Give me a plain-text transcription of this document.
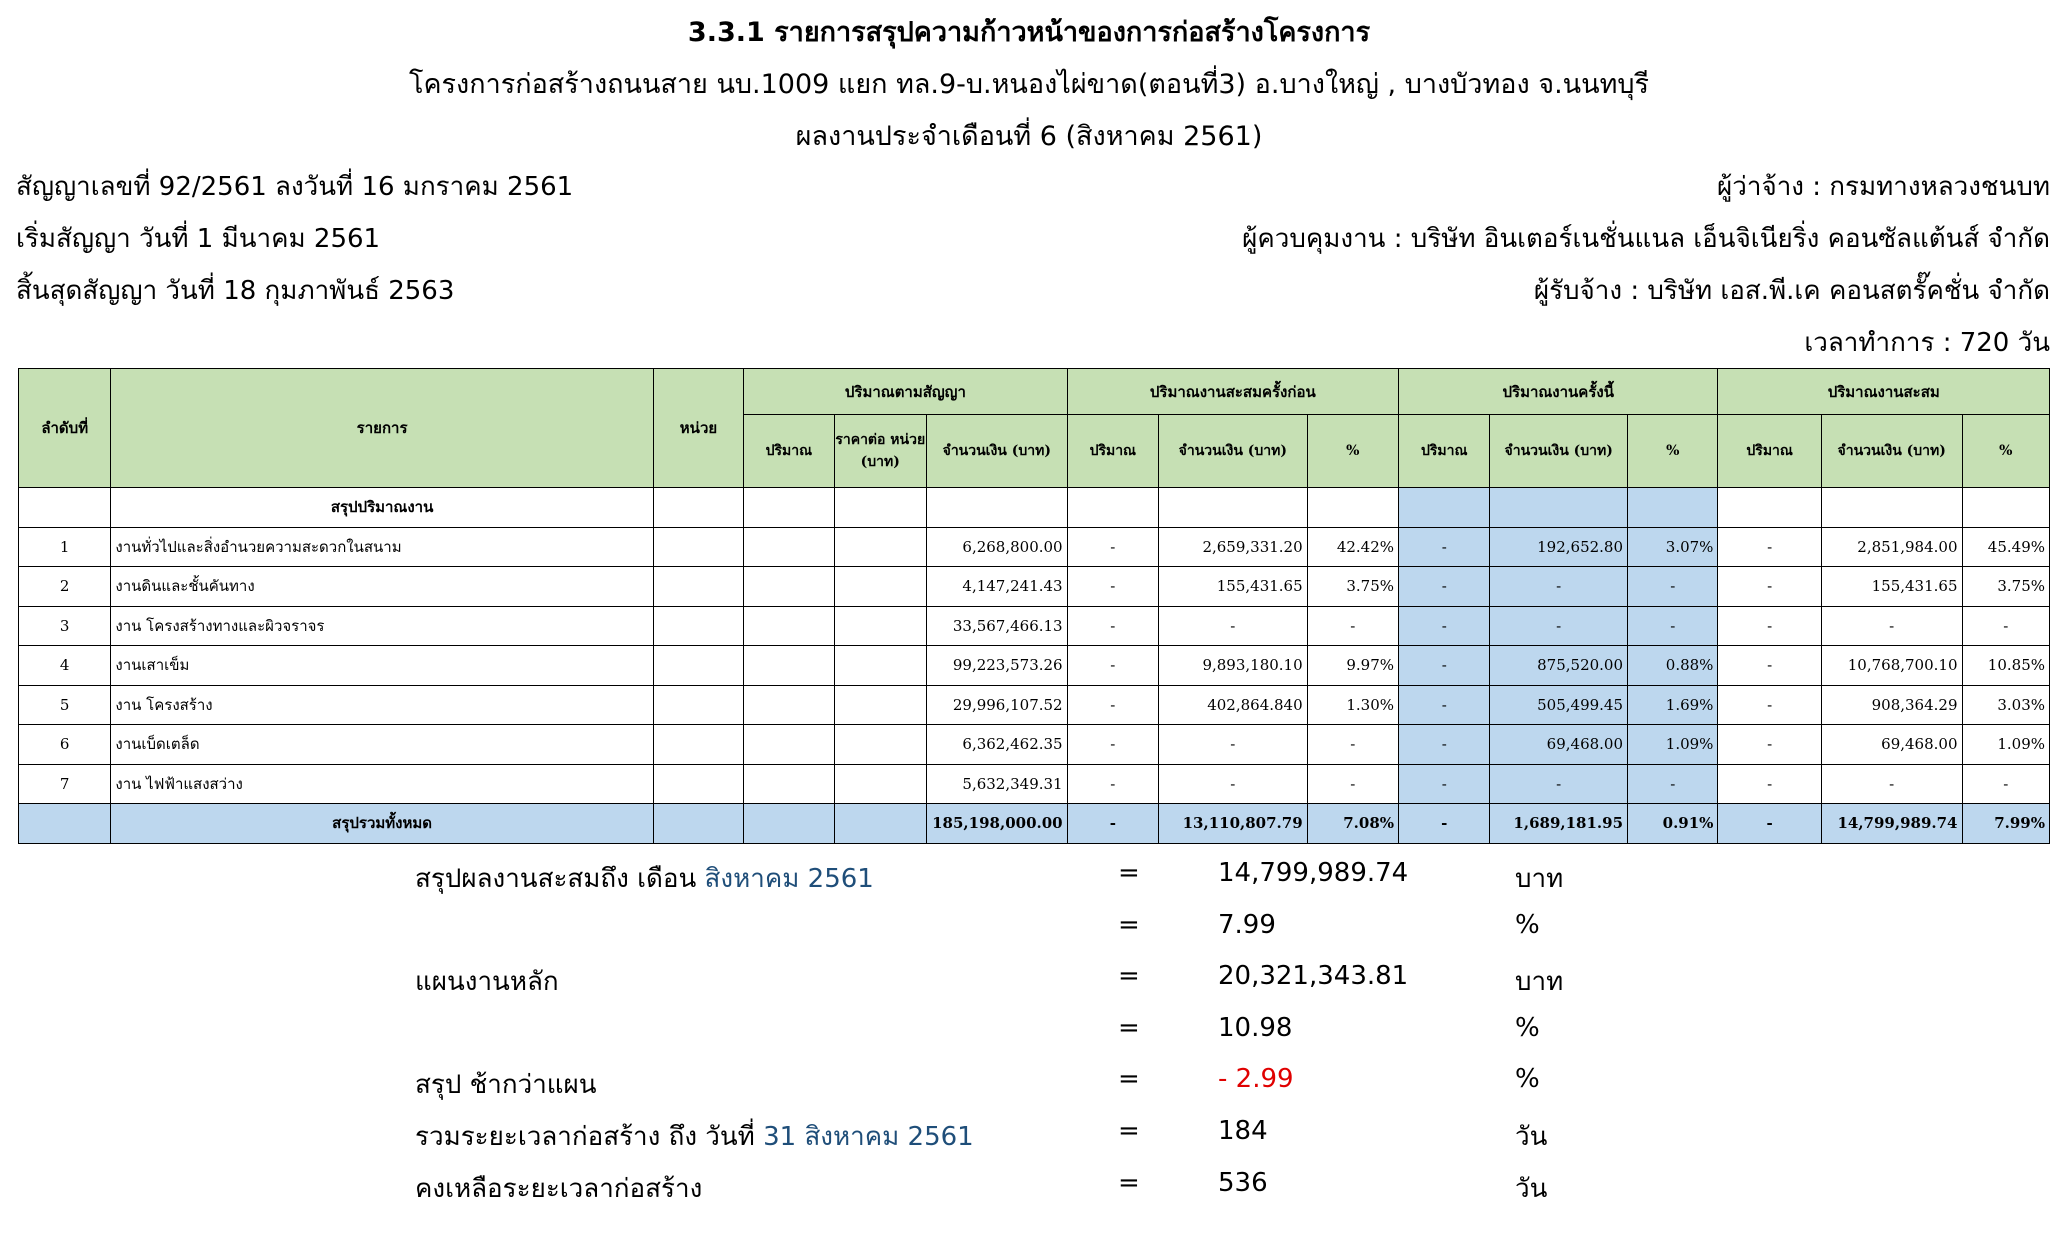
3.3.1 รายการสรุปความก้าวหน้าของการก่อสร้างโครงการ
โครงการก่อสร้างถนนสาย นบ.1009 แยก ทล.9-บ.หนองไผ่ขาด(ตอนที่3) อ.บางใหญ่ , บางบัวทอง จ.นนทบุรี
ผลงานประจำเดือนที่ 6 (สิงหาคม 2561)
สัญญาเลขที่ 92/2561 ลงวันที่ 16 มกราคม 2561
เริ่มสัญญา วันที่ 1 มีนาคม 2561
สิ้นสุดสัญญา วันที่ 18 กุมภาพันธ์ 2563
ผู้ว่าจ้าง : กรมทางหลวงชนบท
ผู้ควบคุมงาน : บริษัท อินเตอร์เนชั่นแนล เอ็นจิเนียริ่ง คอนซัลแต้นส์ จำกัด
ผู้รับจ้าง : บริษัท เอส.พี.เค คอนสตรั๊คชั่น จำกัด
เวลาทำการ : 720 วัน
ลำดับที่	รายการ	หน่วย	ปริมาณตามสัญญา			ปริมาณงานสะสมครั้งก่อน			ปริมาณงานครั้งนี้			ปริมาณงานสะสม		
			ปริมาณ	ราคาต่อ หน่วย (บาท)	จำนวนเงิน (บาท)	ปริมาณ	จำนวนเงิน (บาท)	%	ปริมาณ	จำนวนเงิน (บาท)	%	ปริมาณ	จำนวนเงิน (บาท)	%
	สรุปปริมาณงาน													
1	งานทั่วไปและสิ่งอำนวยความสะดวกในสนาม				6,268,800.00	-	2,659,331.20	42.42%	-	192,652.80	3.07%	-	2,851,984.00	45.49%
2	งานดินและชั้นคันทาง				4,147,241.43	-	155,431.65	3.75%	-	-	-	-	155,431.65	3.75%
3	งาน โครงสร้างทางและผิวจราจร				33,567,466.13	-	-	-	-	-	-	-	-	-
4	งานเสาเข็ม				99,223,573.26	-	9,893,180.10	9.97%	-	875,520.00	0.88%	-	10,768,700.10	10.85%
5	งาน โครงสร้าง				29,996,107.52	-	402,864.840	1.30%	-	505,499.45	1.69%	-	908,364.29	3.03%
6	งานเบ็ดเตล็ด				6,362,462.35	-	-	-	-	69,468.00	1.09%	-	69,468.00	1.09%
7	งาน ไฟฟ้าแสงสว่าง				5,632,349.31	-	-	-	-	-	-	-	-	-
	สรุปรวมทั้งหมด				185,198,000.00	-	13,110,807.79	7.08%	-	1,689,181.95	0.91%	-	14,799,989.74	7.99%
สรุปผลงานสะสมถึง เดือน สิงหาคม 2561	=	14,799,989.74	บาท
=	7.99	%
แผนงานหลัก	=	20,321,343.81	บาท
=	10.98	%
สรุป ช้ากว่าแผน	=	- 2.99	%
รวมระยะเวลาก่อสร้าง ถึง วันที่ 31 สิงหาคม 2561	=	184	วัน
คงเหลือระยะเวลาก่อสร้าง	=	536	วัน
